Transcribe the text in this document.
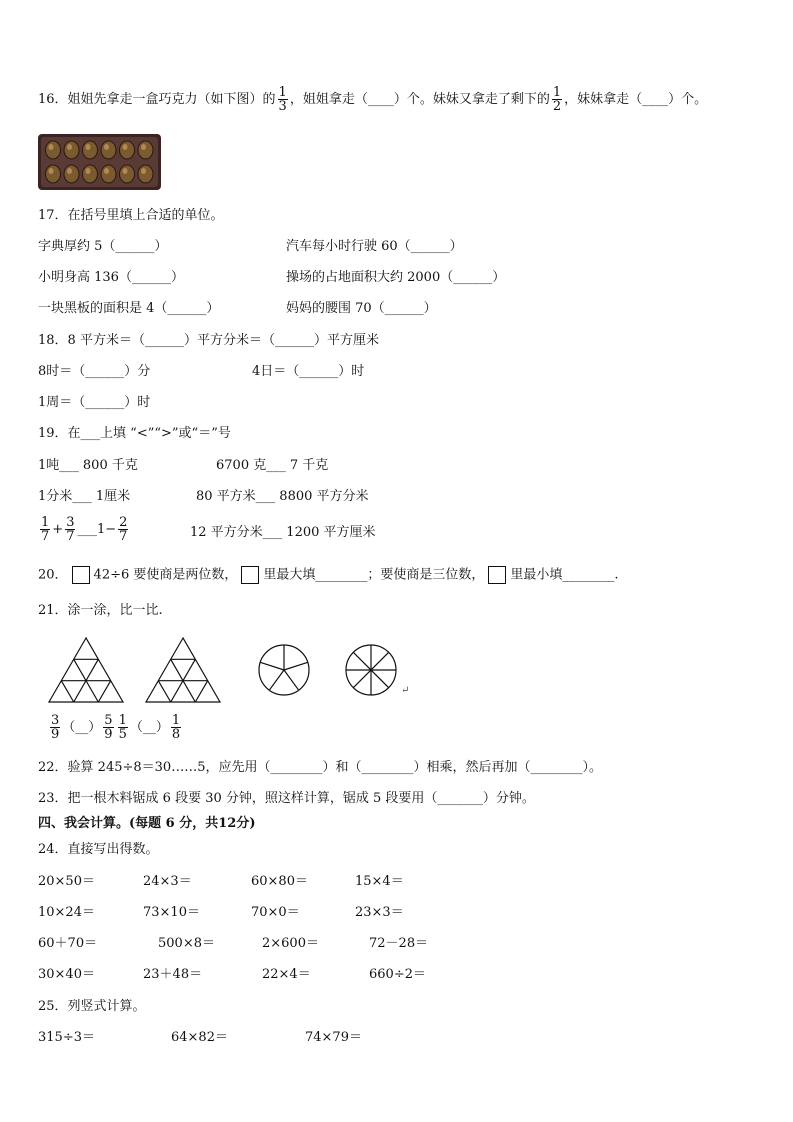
16．姐姐先拿走一盒巧克力（如下图）的 $\frac{1}{3}$ ，姐姐拿走（____）个。妹妹又拿走了剩下的 $\frac{1}{2}$ ，妹妹拿走（____）个。
17．在括号里填上合适的单位。
字典厚约 5（______）	汽车每小时行驶 60（______）
小明身高 136（______）	操场的占地面积大约 2000（______）
一块黑板的面积是 4（______）	妈妈的腰围 70（______）
18．8 平方米＝（______）平方分米＝（______）平方厘米
8时＝（______）分	4日＝（______）时
1周＝（______）时
19．在___上填 “<”“>”或“＝”号
1吨___ 800 千克	6700 克___ 7 千克
1分米___ 1厘米	80 平方米___ 8800 平方分米
$\frac{1}{7} + \frac{3}{7}$ ___1− $\frac{2}{7}$	12 平方分米___ 1200 平方厘米
20． 42÷6 要使商是两位数， 里最大填________；要使商是三位数， 里最小填________.
21．涂一涂，比一比.
↵
$\frac{3}{9}$ （__） $\frac{5}{9} \frac{1}{5}$ （__） $\frac{1}{8}$
22．验算 245÷8＝30……5，应先用（________）和（________）相乘，然后再加（________）。
23．把一根木料锯成 6 段要 30 分钟，照这样计算，锯成 5 段要用（_______）分钟。
四、我会计算。(每题 6 分，共12分)
24．直接写出得数。
20×50＝	24×3＝	60×80＝	15×4＝
10×24＝	73×10＝	70×0＝	23×3＝
60＋70＝	500×8＝	2×600＝	72－28＝
30×40＝	23＋48＝	22×4＝	660÷2＝
25．列竖式计算。
315÷3＝	64×82＝	74×79＝
